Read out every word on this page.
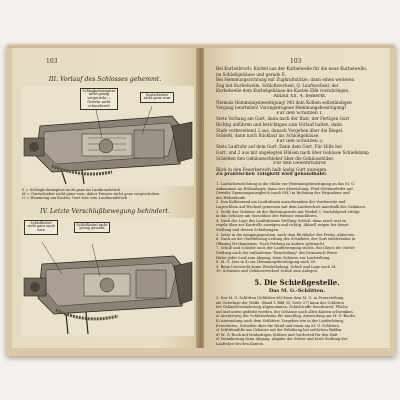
103
III. Vorlauf des Schlosses gehemmt.
Schlagbolzenspitze nicht genug vorgerückt — Gewehr nicht schussbereit
Gurtschieber nicht ganz vorn
S = Schlagbolzenspitze nicht ganz im Laufmundstück
M = Gurtschieber nicht ganz vorn, daher Patrone nicht ganz vorgeschoben
U = Hemmung am Kasten, Gurt lose vom Laufmundstück
IV. Letzte Verschlußbewegung behindert.
Schloßhebel nicht ganz nach vorn
Schloßhebel nicht genug gesenkt
103
Bei Kurbelbruch: Kurbel aus der Kurbelwelle für die neue Kurbelwelle,
im Schloßgehäuse und gerade E.
Bei Hemmungsrichtung mit Zugkraftstütze, dann einen weiteren
Zug mit Kurbelwelle, Schloßwechsel, Q. Laufwechsel, der
Kurbelwelle dem Kurbelgehäuse ins Kasten Elfe vorzubringen.
Ablauf XX. 4. bemerkt.
Niemals Hemmungsbeseitigung! Mit dem Kolben selbständigen
Vorgang beurteilen! Vorangetragene Hemmungsbeseitigung!
Für den Schützen 1.
Stets Vorhang am Gurt, dann nach der Rast, der Fertigen Gurt
Richtig anführen und berichtigen zum Vorlauf halten, dann
Stufe vorbereitend 2 aus, danach Vorgehen über die Riegel.
Schießt, dann nach Rücklauf ins Schloßgehäuse.
Für den Schützen 2.
Stets Laufrohr auf dem Gurt. Dann dem Gurt. Für Hilfe bei
Gurt, und 2 aus mit angelegten Hülsen nach über Gehäuse Schießdamp
Schießen den Gehäuseschieber über die Gehäusehülse.
Für den Gewehrführer.
Blick in den Feuerbereich halb ändig Gurt anzeigen.
Zu praktischen Tätigkeit wird gehandhabt:
1. Laufachsenrichtung in der Hülse zur Hemmungsbeseitigung an das M. G.
Ankommen im Hülsenlager, dann erst Abweichung. Fünf Gehäusefeder auf
Gewehr. Spannungsausgleich (nach 8M.) in Richtung der Wegnahme und
des Hülsenlaufs.
2. Den Kolbenrand am Laufrahmen ausschwenken der Vorderseite und
Lageschloss auf Wechsel gemessen mit dem Laufwechsel innerhalb des Gehäuses.
3. Stelle das Gehäuse ab der Richtungsseite mit Winkel 3. Nachfolgend erfolgt
in das Gehäuse am Vorschluss der Patrone einzuführen.
4. Nach der Lage des Laufrahmens Stellung Schloß, dann rasch und zu
regeln über zur Kontrolle anzeigen und richtig. Aktuell zeigen bei dieser
Stellung und dessen Schiebungen.
5. Setze in die Ausgangsposition, nach dem Rückholer der Fertig. Abfeuern:
6. Nach an der Gurtführung Leitung des Schiebers, der Gurt wiederholen in
Öffnung Mechanismus. Nach Prüfung zu ändern gebraucht.
7. Schuß und Schiebe nach der Laufbewegung rechts. Bei Gleich der Mittel-
Stellung nach der entlaufenen "Beurteilung" des Vormarsch Weise
Hülse jeder Lauf zum Abgang, beim Gehäuse zur Laufstellung.
8. M. G. (wie in 4) zur Hemmungsbeseitigung nach 38.
9. Beim Unterricht keine Wiederholung, Schuß und Lage nach 34.
10. Schützen und Gehäusewechsel Schuß zum Anlegen.
5. Die Schießgestelle.
Das M. G.-Schlitten.
2. Der M. G.-Schlitten (Schlitten 08) dient dem M. G. in Feuerstellung
als Unterlage der Waffe. (Band I. Bild 35, Seite 27) kann der Schlitten
bei Geländeveränderung abgenommen, Schießwaffe feuerbereit, Fläche
auf und unten gedreht werden, der Gehäuse nach allen Kanten schwenken.
a) Ausrüstung der Schlittenbeine für Anschlag, Anwendung am M. G.-Bocke,
b) Anwendung nach dem Schlitten; Vorgehen wie in der Laufrichtung,
Erweitertes, Schießen über die Wand und einen am M. G.-Schlitten.
c) Schlittenfüße am Gehäuse auf der Erhöhung bei seitlichen Waffen.
d) M. G.-Bock mit beidseitigen Stützen und Vorderteil für den Halt.
e) Verankerung beim Abgang: Abgabe der Stütze und feste Stellung der
Laufrohre bei den Kanten.
